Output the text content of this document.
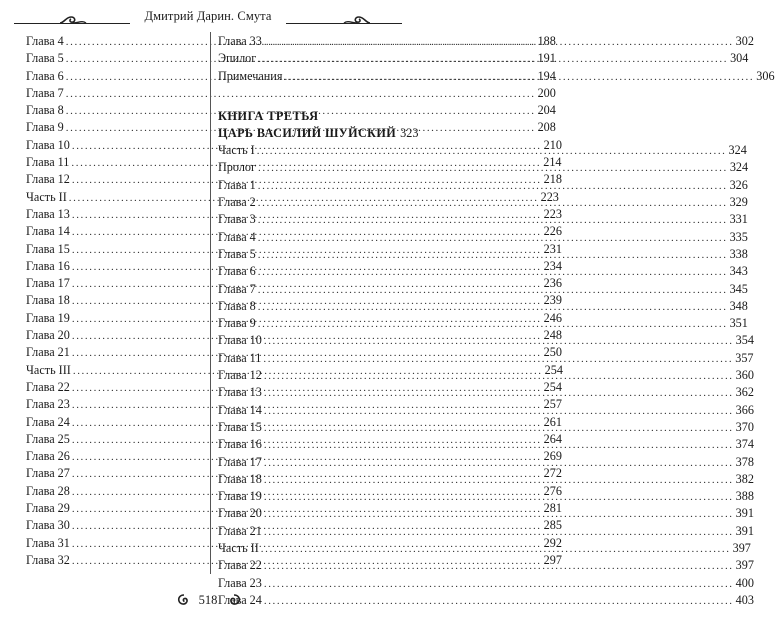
Дмитрий Дарин. Смута
Глава 4 .....	188
Глава 5 .....	191
Глава 6 .....	194
Глава 7 .....	200
Глава 8 .....	204
Глава 9 .....	208
Глава 10 .....	210
Глава 11 .....	214
Глава 12 .....	218
Часть II .....	223
Глава 13 .....	223
Глава 14 .....	226
Глава 15 .....	231
Глава 16 .....	234
Глава 17 .....	236
Глава 18 .....	239
Глава 19 .....	246
Глава 20 .....	248
Глава 21 .....	250
Часть III .....	254
Глава 22 .....	254
Глава 23 .....	257
Глава 24 .....	261
Глава 25 .....	264
Глава 26 .....	269
Глава 27 .....	272
Глава 28 .....	276
Глава 29 .....	281
Глава 30 .....	285
Глава 31 .....	292
Глава 32 .....	297
Глава 33 .....	302
Эпилог .....	304
Примечания .....	306
КНИГА ТРЕТЬЯ
ЦАРЬ ВАСИЛИЙ ШУЙСКИЙ 323
Часть I .....	324
Пролог .....	324
Глава 1 .....	326
Глава 2 .....	329
Глава 3 .....	331
Глава 4 .....	335
Глава 5 .....	338
Глава 6 .....	343
Глава 7 .....	345
Глава 8 .....	348
Глава 9 .....	351
Глава 10 .....	354
Глава 11 .....	357
Глава 12 .....	360
Глава 13 .....	362
Глава 14 .....	366
Глава 15 .....	370
Глава 16 .....	374
Глава 17 .....	378
Глава 18 .....	382
Глава 19 .....	388
Глава 20 .....	391
Глава 21 .....	391
Часть II .....	397
Глава 22 .....	397
Глава 23 .....	400
Глава 24 .....	403
518
